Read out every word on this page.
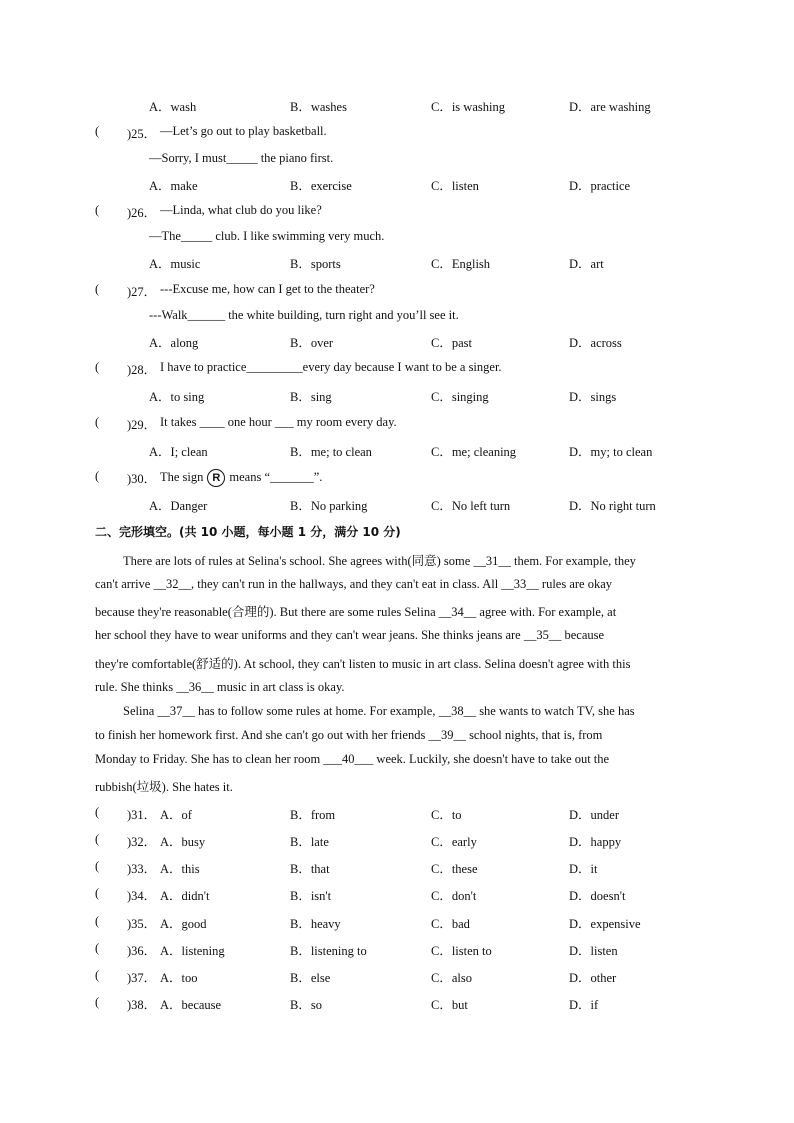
A．wash	B．washes	C．is washing	D．are washing
( )25． —Let’s go out to play basketball.
—Sorry, I must_____ the piano first.
A．make	B．exercise	C．listen	D．practice
( )26． —Linda, what club do you like?
—The_____ club. I like swimming very much.
A．music	B．sports	C．English	D．art
( )27． ---Excuse me, how can I get to the theater?
---Walk______ the white building, turn right and you’ll see it.
A．along	B．over	C．past	D．across
( )28． I have to practice_________every day because I want to be a singer.
A．to sing	B．sing	C．singing	D．sings
( )29． It takes ____ one hour ___ my room every day.
A．I; clean	B．me; to clean	C．me; cleaning	D．my; to clean
( )30． The sign R means “_______”.
A．Danger	B．No parking	C．No left turn	D．No right turn
二、完形填空。(共 10 小题，每小题 1 分，满分 10 分)
There are lots of rules at Selina's school. She agrees with(同意) some __31__ them. For example, they
can't arrive __32__, they can't run in the hallways, and they can't eat in class. All __33__ rules are okay
because they're reasonable(合理的). But there are some rules Selina __34__ agree with. For example, at
her school they have to wear uniforms and they can't wear jeans. She thinks jeans are __35__ because
they're comfortable(舒适的). At school, they can't listen to music in art class. Selina doesn't agree with this
rule. She thinks __36__ music in art class is okay.
Selina __37__ has to follow some rules at home. For example, __38__ she wants to watch TV, she has
to finish her homework first. And she can't go out with her friends __39__ school nights, that is, from
Monday to Friday. She has to clean her room ___40___ week. Luckily, she doesn't have to take out the
rubbish(垃圾). She hates it.
( )31． A．of	B．from	C．to	D．under
( )32． A．busy	B．late	C．early	D．happy
( )33． A．this	B．that	C．these	D．it
( )34． A．didn't	B．isn't	C．don't	D．doesn't
( )35． A．good	B．heavy	C．bad	D．expensive
( )36． A．listening	B．listening to	C．listen to	D．listen
( )37． A．too	B．else	C．also	D．other
( )38． A．because	B．so	C．but	D．if
